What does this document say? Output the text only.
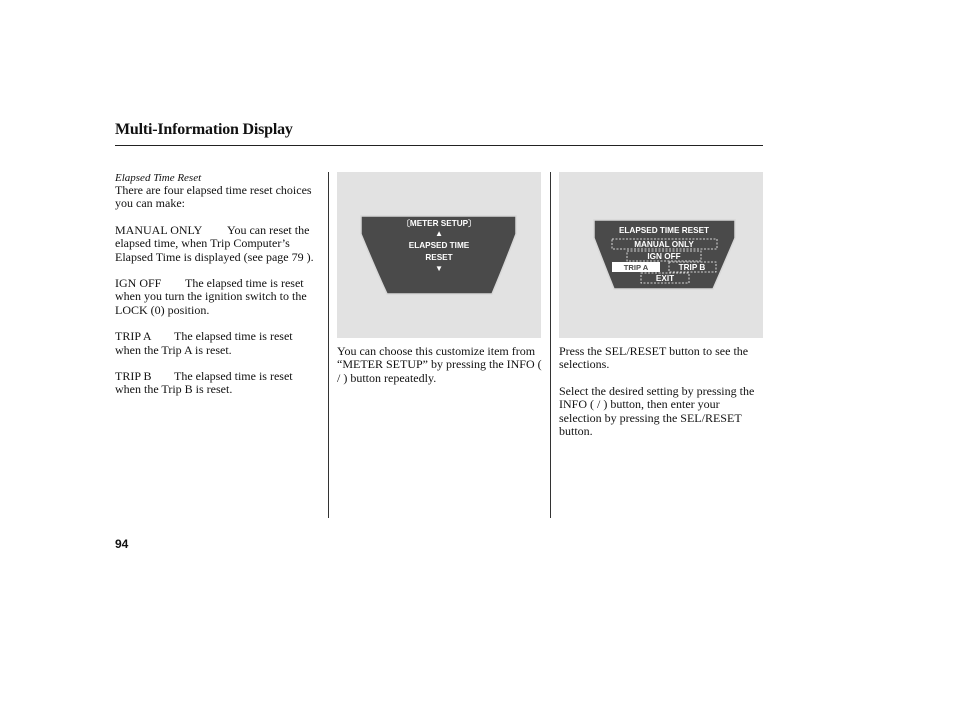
Multi-Information Display
Elapsed Time Reset

There are four elapsed time reset choices you can make:

MANUAL ONLY You can reset the elapsed time, when Trip Computer’s Elapsed Time is displayed (see page 79 ).

IGN OFF The elapsed time is reset when you turn the ignition switch to the LOCK (0) position.

TRIP A The elapsed time is reset when the Trip A is reset.

TRIP B The elapsed time is reset when the Trip B is reset.

〔METER SETUP〕
▲
ELAPSED TIME
RESET
▼

You can choose this customize item from “METER SETUP” by pressing the INFO ( / ) button repeatedly.

ELAPSED TIME RESET
MANUAL ONLY
IGN OFF
TRIP A	TRIP B
EXIT

Press the SEL/RESET button to see the selections.

Select the desired setting by pressing the INFO ( / ) button, then enter your selection by pressing the SEL/RESET button.

94
